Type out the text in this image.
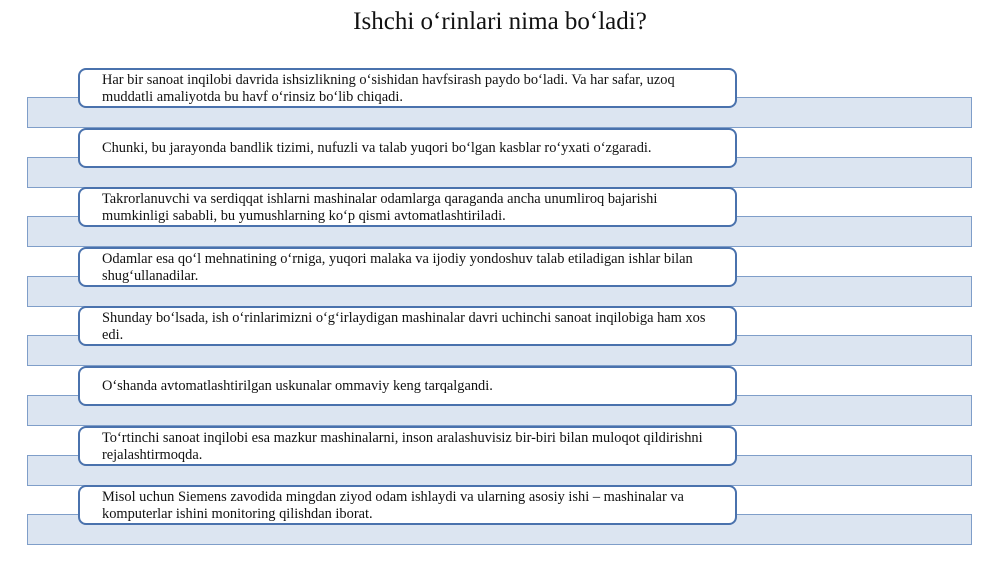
Ishchi o‘rinlari nima bo‘ladi?
Har bir sanoat inqilobi davrida ishsizlikning o‘sishidan havfsirash paydo bo‘ladi. Va har safar, uzoq muddatli amaliyotda bu havf o‘rinsiz bo‘lib chiqadi.
Chunki, bu jarayonda bandlik tizimi, nufuzli va talab yuqori bo‘lgan kasblar ro‘yxati o‘zgaradi.
Takrorlanuvchi va serdiqqat ishlarni mashinalar odamlarga qaraganda ancha unumliroq bajarishi mumkinligi sababli, bu yumushlarning ko‘p qismi avtomatlashtiriladi.
Odamlar esa qo‘l mehnatining o‘rniga, yuqori malaka va ijodiy yondoshuv talab etiladigan ishlar bilan shug‘ullanadilar.
Shunday bo‘lsada, ish o‘rinlarimizni o‘g‘irlaydigan mashinalar davri uchinchi sanoat inqilobiga ham xos edi.
O‘shanda avtomatlashtirilgan uskunalar ommaviy keng tarqalgandi.
To‘rtinchi sanoat inqilobi esa mazkur mashinalarni, inson aralashuvisiz bir-biri bilan muloqot qildirishni rejalashtirmoqda.
Misol uchun Siemens zavodida mingdan ziyod odam ishlaydi va ularning asosiy ishi – mashinalar va komputerlar ishini monitoring qilishdan iborat.
